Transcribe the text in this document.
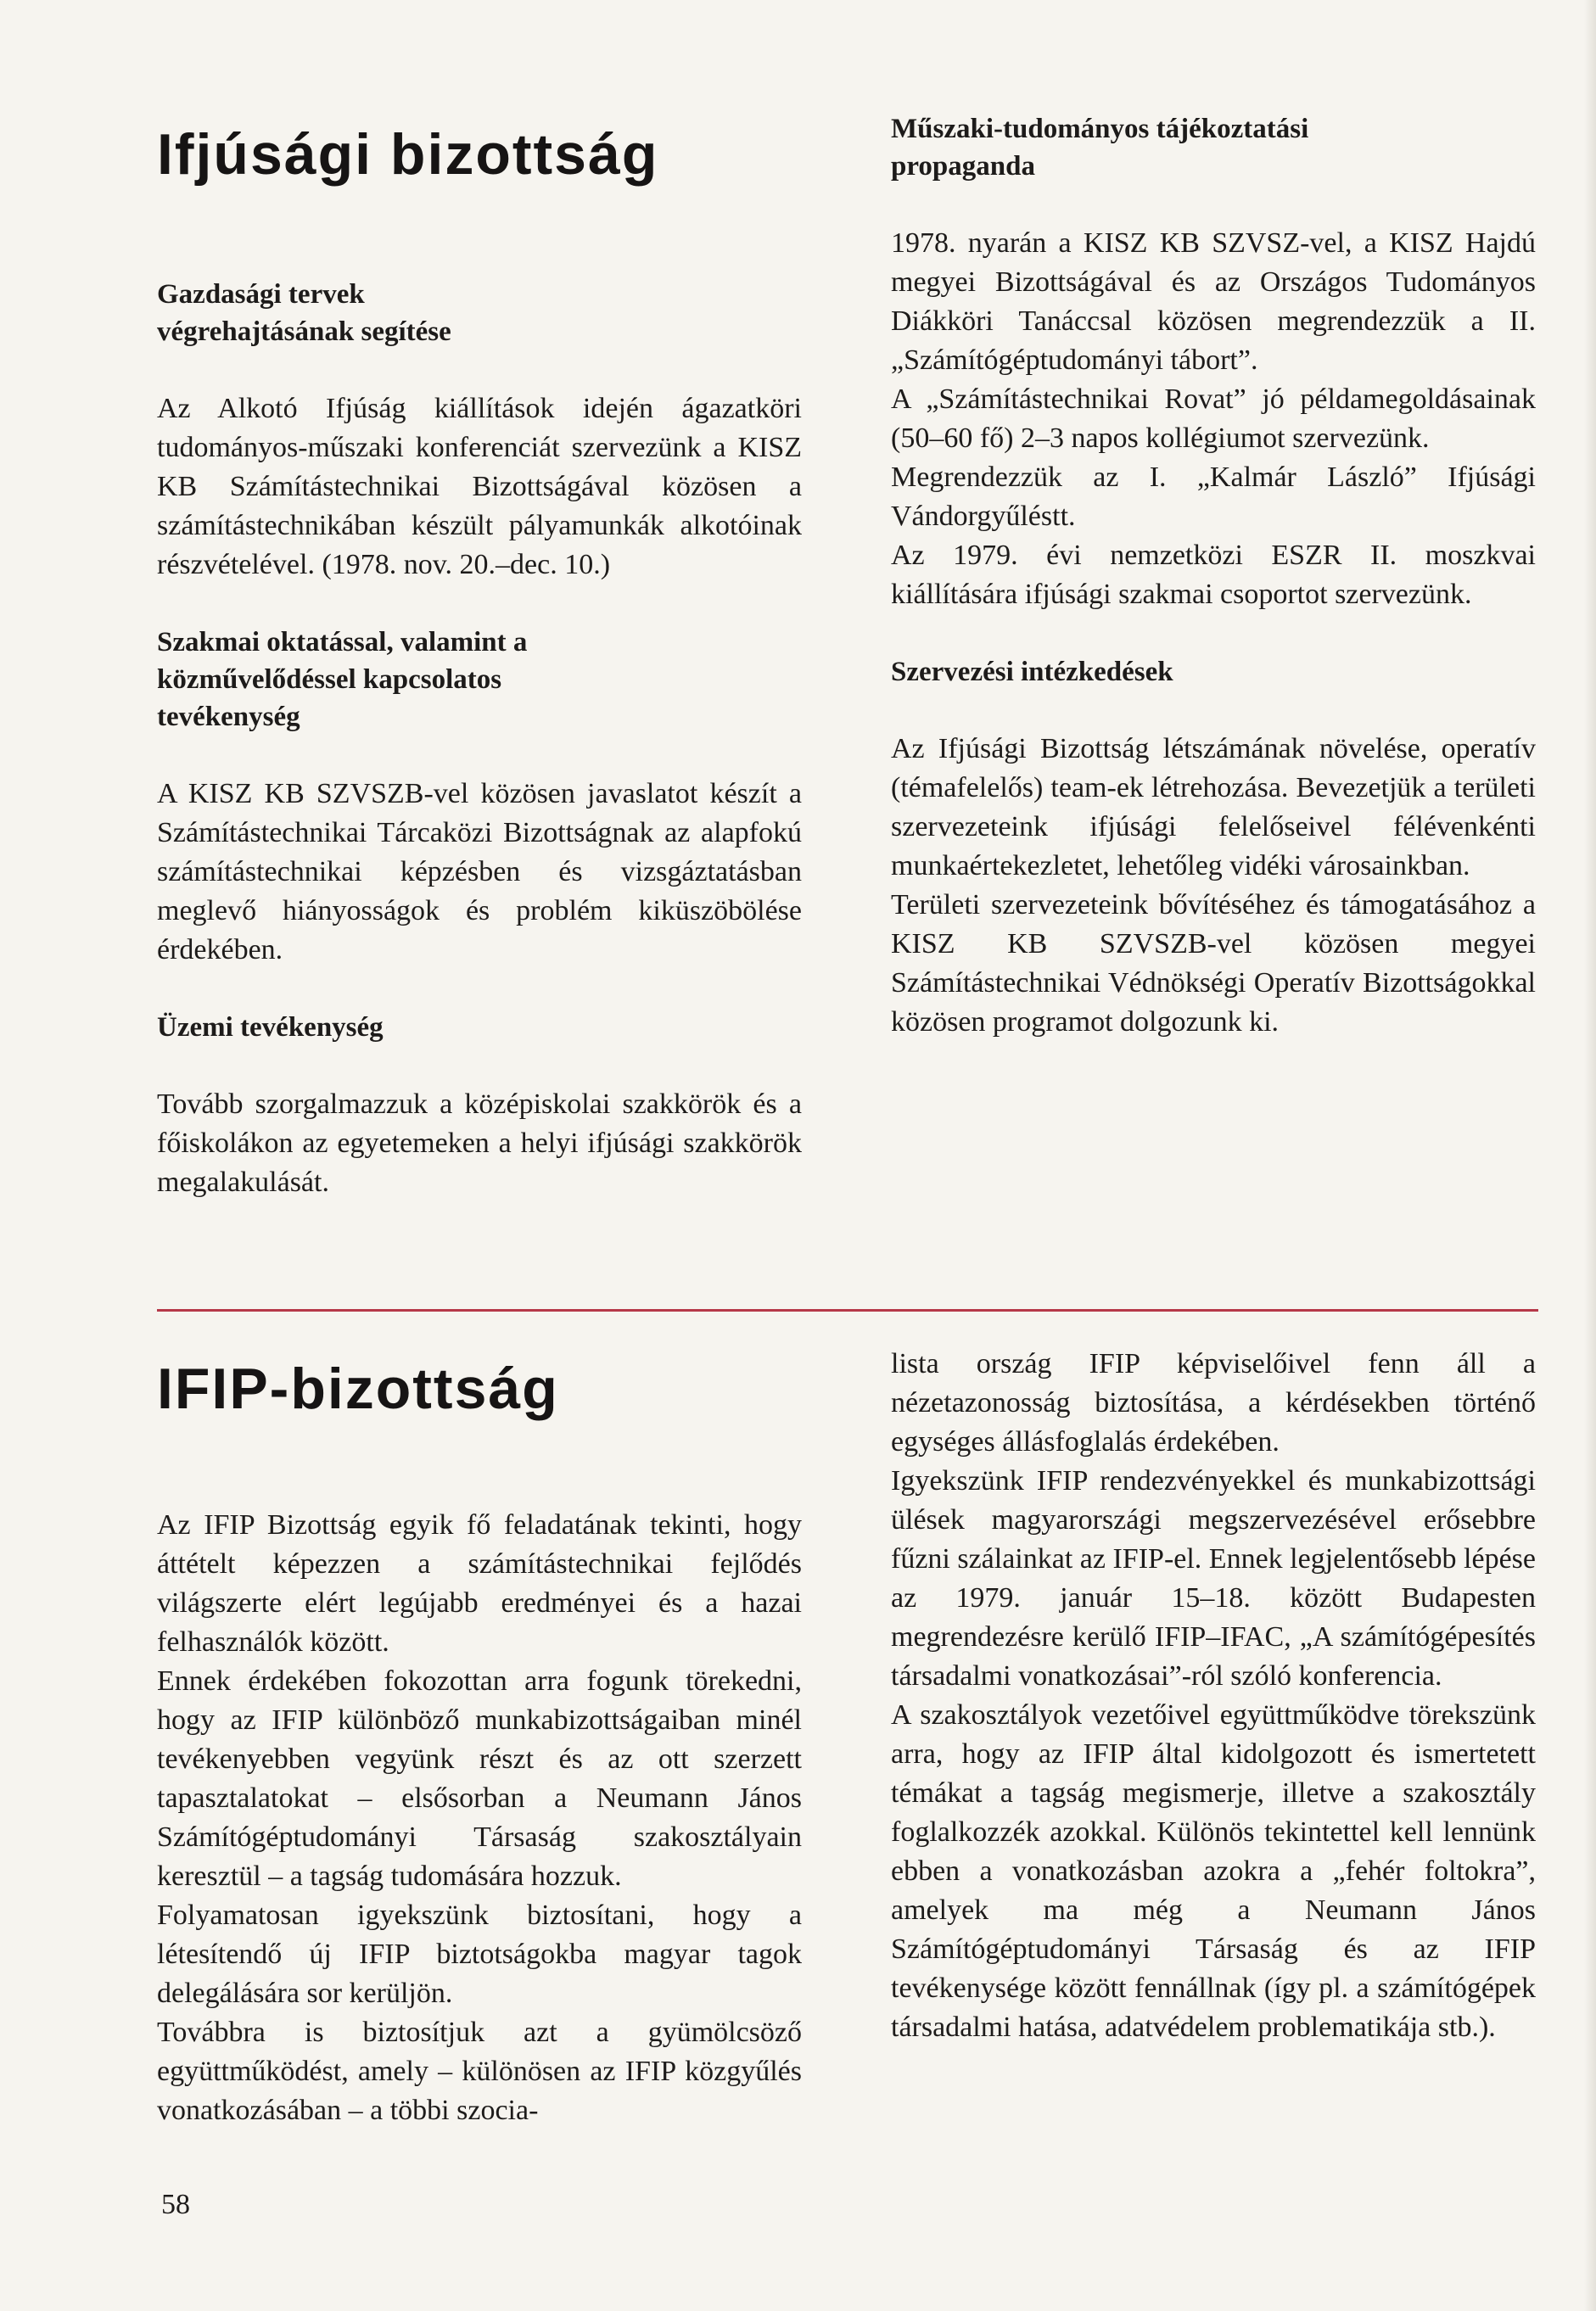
Ifjúsági bizottság

Gazdasági tervek végrehajtásának segítése

Az Alkotó Ifjúság kiállítások idején ágazatköri tudományos-műszaki konferenciát szervezünk a KISZ KB Számítástechnikai Bizottságával közösen a számítástechnikában készült pályamunkák alkotóinak részvételével. (1978. nov. 20.–dec. 10.)

Szakmai oktatással, valamint a közművelődéssel kapcsolatos tevékenység

A KISZ KB SZVSZB-vel közösen javaslatot készít a Számítástechnikai Tárcaközi Bizottságnak az alapfokú számítástechnikai képzésben és vizsgáztatásban meglevő hiányosságok és problém kiküszöbölése érdekében.

Üzemi tevékenység

Tovább szorgalmazzuk a középiskolai szakkörök és a főiskolákon az egyetemeken a helyi ifjúsági szakkörök megalakulását.

Műszaki-tudományos tájékoztatási propaganda

1978. nyarán a KISZ KB SZVSZ-vel, a KISZ Hajdú megyei Bizottságával és az Országos Tudományos Diákköri Tanáccsal közösen megrendezzük a II. „Számítógéptudományi tábort”.

A „Számítástechnikai Rovat” jó példamegoldásainak (50–60 fő) 2–3 napos kollégiumot szervezünk.

Megrendezzük az I. „Kalmár László” Ifjúsági Vándorgyűléstt.

Az 1979. évi nemzetközi ESZR II. moszkvai kiállítására ifjúsági szakmai csoportot szervezünk.

Szervezési intézkedések

Az Ifjúsági Bizottság létszámának növelése, operatív (témafelelős) team-ek létrehozása. Bevezetjük a területi szervezeteink ifjúsági felelőseivel félévenkénti munkaértekezletet, lehetőleg vidéki városainkban.

Területi szervezeteink bővítéséhez és támogatásához a KISZ KB SZVSZB-vel közösen megyei Számítástechnikai Védnökségi Operatív Bizottságokkal közösen programot dolgozunk ki.

IFIP-bizottság

Az IFIP Bizottság egyik fő feladatának tekinti, hogy áttételt képezzen a számítástechnikai fejlődés világszerte elért legújabb eredményei és a hazai felhasználók között.

Ennek érdekében fokozottan arra fogunk törekedni, hogy az IFIP különböző munkabizottságaiban minél tevékenyebben vegyünk részt és az ott szerzett tapasztalatokat – elsősorban a Neumann János Számítógéptudományi Társaság szakosztályain keresztül – a tagság tudomására hozzuk.

Folyamatosan igyekszünk biztosítani, hogy a létesítendő új IFIP biztotságokba magyar tagok delegálására sor kerüljön.

Továbbra is biztosítjuk azt a gyümölcsöző együttműködést, amely – különösen az IFIP közgyűlés vonatkozásában – a többi szocia-

lista ország IFIP képviselőivel fenn áll a nézetazonosság biztosítása, a kérdésekben történő egységes állásfoglalás érdekében.

Igyekszünk IFIP rendezvényekkel és munkabizottsági ülések magyarországi megszervezésével erősebbre fűzni szálainkat az IFIP-el. Ennek legjelentősebb lépése az 1979. január 15–18. között Budapesten megrendezésre kerülő IFIP–IFAC, „A számítógépesítés társadalmi vonatkozásai”-ról szóló konferencia.

A szakosztályok vezetőivel együttműködve törekszünk arra, hogy az IFIP által kidolgozott és ismertetett témákat a tagság megismerje, illetve a szakosztály foglalkozzék azokkal. Különös tekintettel kell lennünk ebben a vonatkozásban azokra a „fehér foltokra”, amelyek ma még a Neumann János Számítógéptudományi Társaság és az IFIP tevékenysége között fennállnak (így pl. a számítógépek társadalmi hatása, adatvédelem problematikája stb.).

58
